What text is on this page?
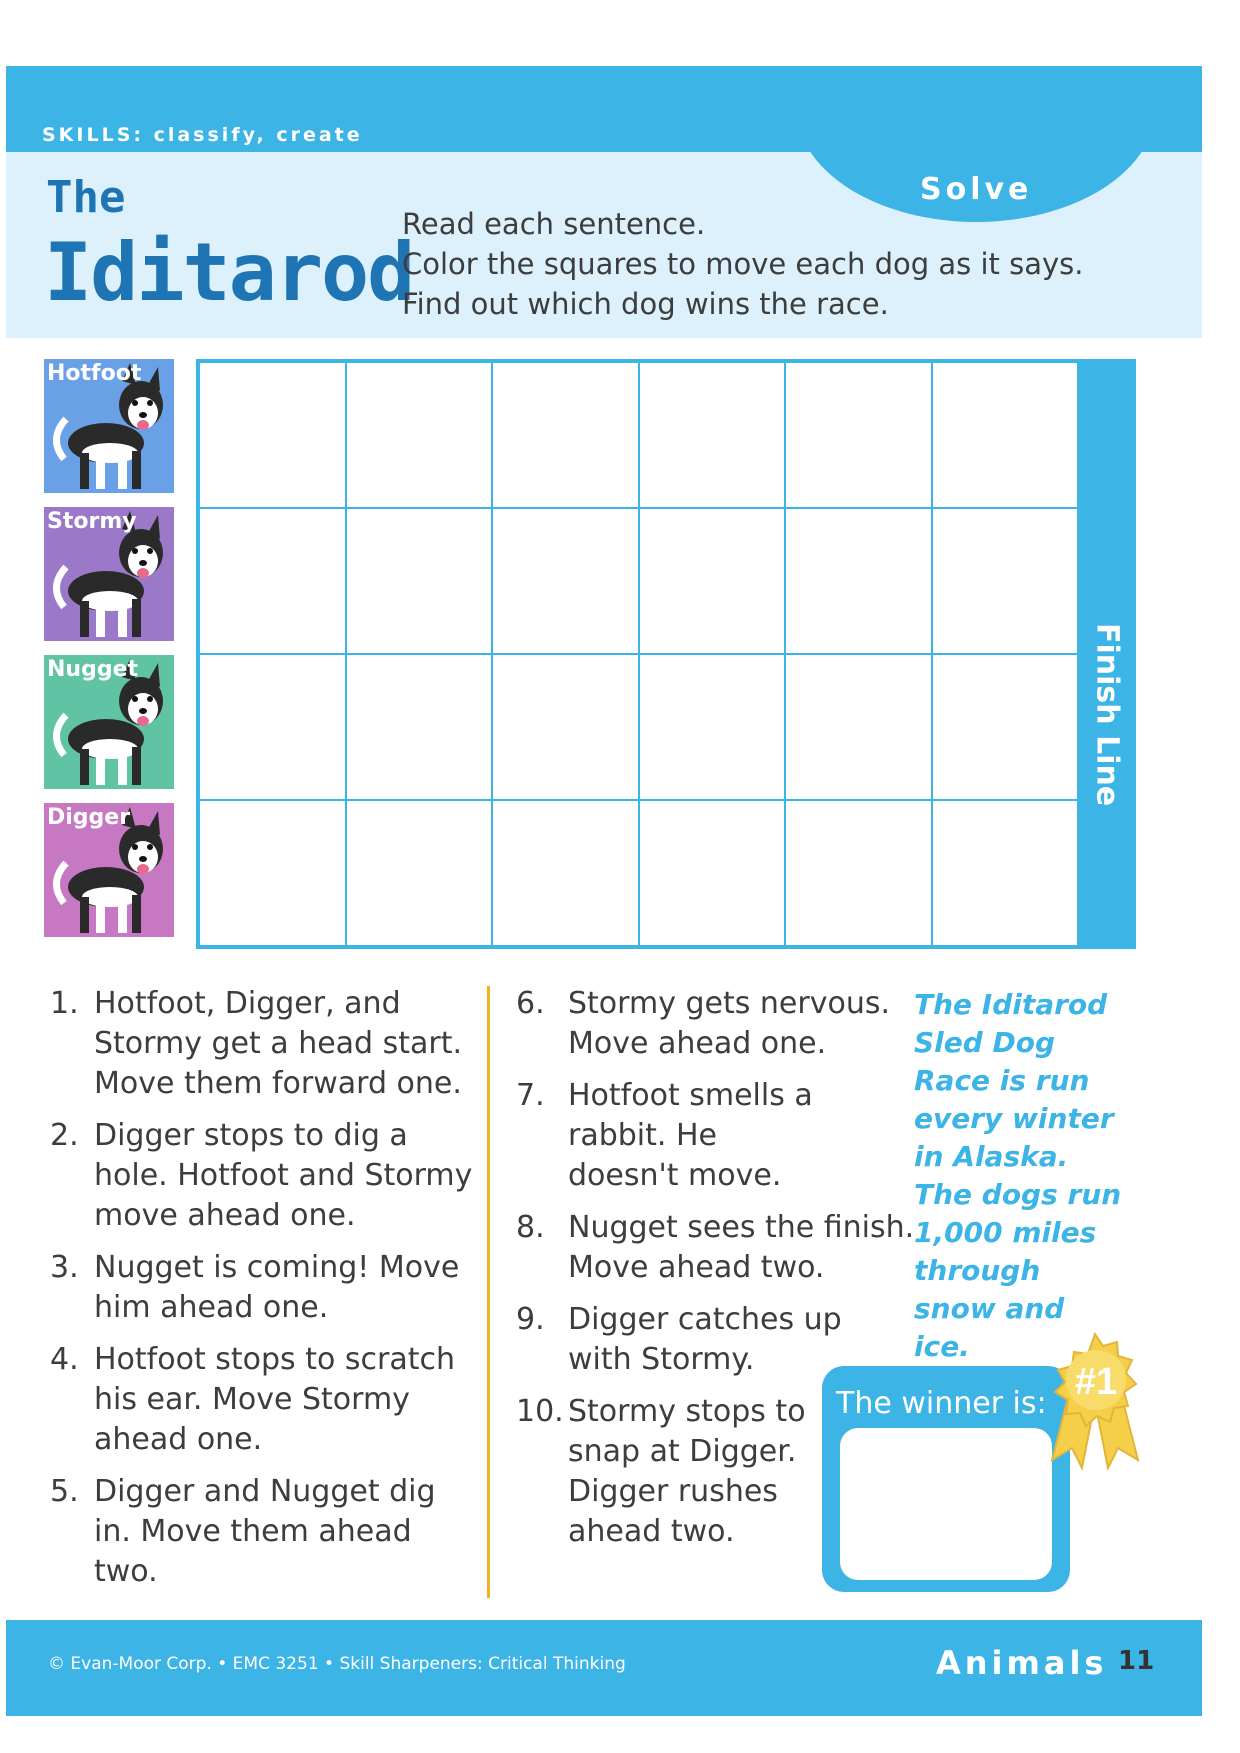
SKILLS: classify, create
Solve
The
Iditarod
Read each sentence.
Color the squares to move each dog as it says.
Find out which dog wins the race.
Hotfoot
Stormy
Nugget
Digger
1. Hotfoot, Digger, and Stormy get a head start. Move them forward one.
2. Digger stops to dig a hole. Hotfoot and Stormy move ahead one.
3. Nugget is coming! Move him ahead one.
4. Hotfoot stops to scratch his ear. Move Stormy ahead one.
5. Digger and Nugget dig in. Move them ahead two.
6. Stormy gets nervous. Move ahead one.
7. Hotfoot smells a rabbit. He doesn't move.
8. Nugget sees the finish. Move ahead two.
9. Digger catches up with Stormy.
10. Stormy stops to snap at Digger. Digger rushes ahead two.
The Iditarod Sled Dog Race is run every winter in Alaska. The dogs run 1,000 miles through snow and ice.
The winner is:
#1
© Evan-Moor Corp. • EMC 3251 • Skill Sharpeners: Critical Thinking	Animals 11
